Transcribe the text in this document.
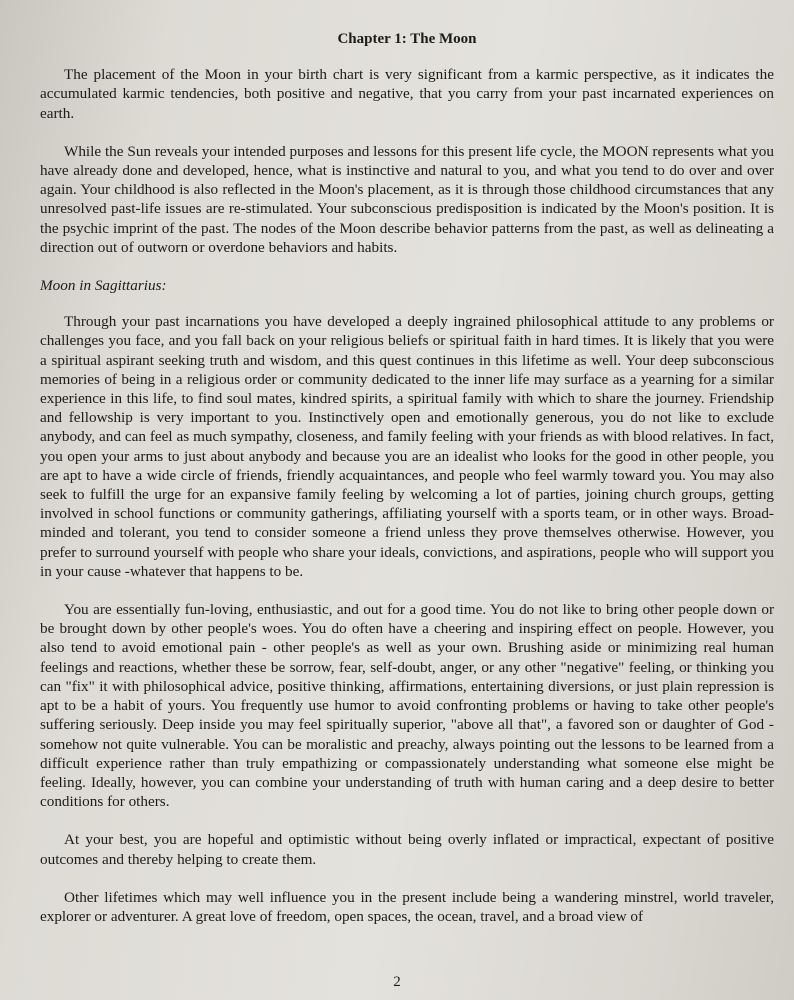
Chapter 1: The Moon

The placement of the Moon in your birth chart is very significant from a karmic perspective, as it indicates the accumulated karmic tendencies, both positive and negative, that you carry from your past incarnated experiences on earth.

While the Sun reveals your intended purposes and lessons for this present life cycle, the MOON represents what you have already done and developed, hence, what is instinctive and natural to you, and what you tend to do over and over again. Your childhood is also reflected in the Moon's placement, as it is through those childhood circumstances that any unresolved past-life issues are re-stimulated. Your subconscious predisposition is indicated by the Moon's position. It is the psychic imprint of the past. The nodes of the Moon describe behavior patterns from the past, as well as delineating a direction out of outworn or overdone behaviors and habits.

Moon in Sagittarius:

Through your past incarnations you have developed a deeply ingrained philosophical attitude to any problems or challenges you face, and you fall back on your religious beliefs or spiritual faith in hard times. It is likely that you were a spiritual aspirant seeking truth and wisdom, and this quest continues in this lifetime as well. Your deep subconscious memories of being in a religious order or community dedicated to the inner life may surface as a yearning for a similar experience in this life, to find soul mates, kindred spirits, a spiritual family with which to share the journey. Friendship and fellowship is very important to you. Instinctively open and emotionally generous, you do not like to exclude anybody, and can feel as much sympathy, closeness, and family feeling with your friends as with blood relatives. In fact, you open your arms to just about anybody and because you are an idealist who looks for the good in other people, you are apt to have a wide circle of friends, friendly acquaintances, and people who feel warmly toward you. You may also seek to fulfill the urge for an expansive family feeling by welcoming a lot of parties, joining church groups, getting involved in school functions or community gatherings, affiliating yourself with a sports team, or in other ways. Broad-minded and tolerant, you tend to consider someone a friend unless they prove themselves otherwise. However, you prefer to surround yourself with people who share your ideals, convictions, and aspirations, people who will support you in your cause -whatever that happens to be.

You are essentially fun-loving, enthusiastic, and out for a good time. You do not like to bring other people down or be brought down by other people's woes. You do often have a cheering and inspiring effect on people. However, you also tend to avoid emotional pain - other people's as well as your own. Brushing aside or minimizing real human feelings and reactions, whether these be sorrow, fear, self-doubt, anger, or any other "negative" feeling, or thinking you can "fix" it with philosophical advice, positive thinking, affirmations, entertaining diversions, or just plain repression is apt to be a habit of yours. You frequently use humor to avoid confronting problems or having to take other people's suffering seriously. Deep inside you may feel spiritually superior, "above all that", a favored son or daughter of God -somehow not quite vulnerable. You can be moralistic and preachy, always pointing out the lessons to be learned from a difficult experience rather than truly empathizing or compassionately understanding what someone else might be feeling. Ideally, however, you can combine your understanding of truth with human caring and a deep desire to better conditions for others.

At your best, you are hopeful and optimistic without being overly inflated or impractical, expectant of positive outcomes and thereby helping to create them.

Other lifetimes which may well influence you in the present include being a wandering minstrel, world traveler, explorer or adventurer. A great love of freedom, open spaces, the ocean, travel, and a broad view of

2
